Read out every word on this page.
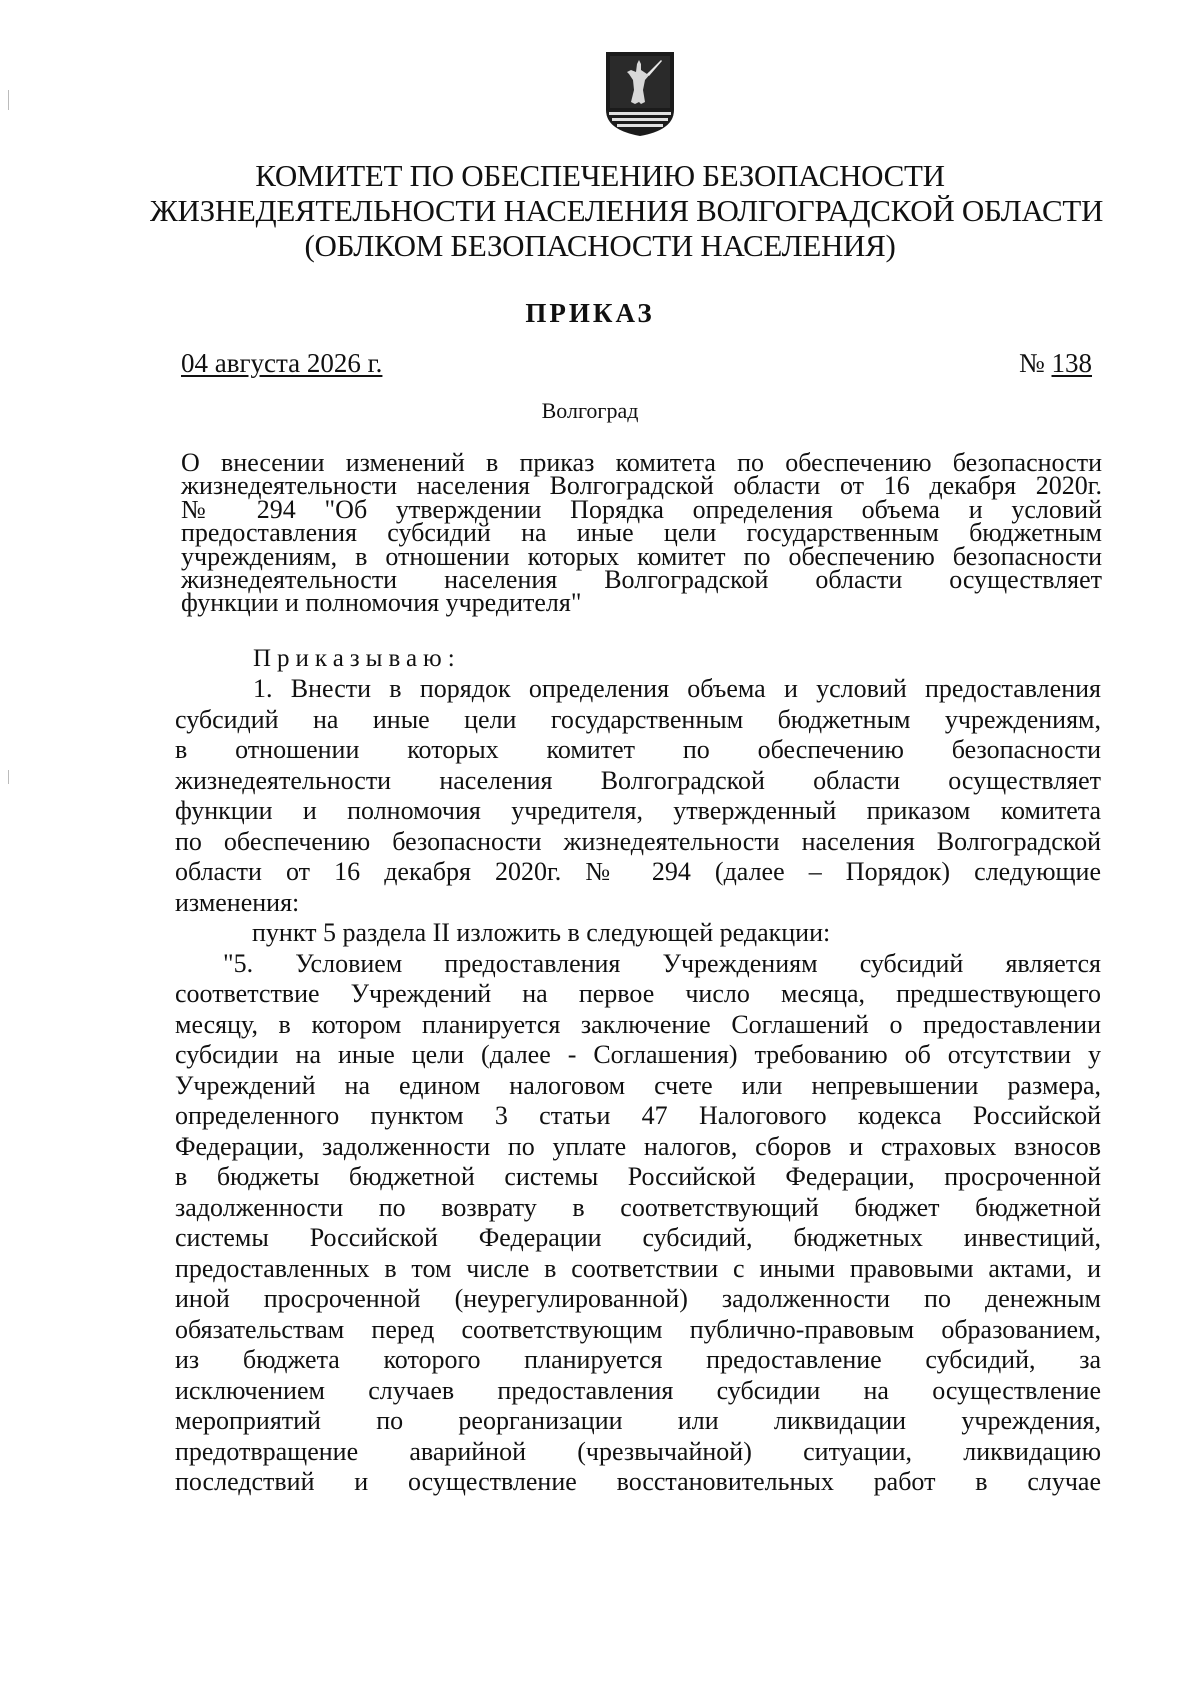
КОМИТЕТ ПО ОБЕСПЕЧЕНИЮ БЕЗОПАСНОСТИ
ЖИЗНЕДЕЯТЕЛЬНОСТИ НАСЕЛЕНИЯ ВОЛГОГРАДСКОЙ ОБЛАСТИ
(ОБЛКОМ БЕЗОПАСНОСТИ НАСЕЛЕНИЯ)
ПРИКАЗ
04 августа 2026 г.	№ 138
Волгоград
О внесении изменений в приказ комитета по обеспечению безопасности
жизнедеятельности населения Волгоградской области от 16 декабря 2020г.
№ 294 "Об утверждении Порядка определения объема и условий
предоставления субсидий на иные цели государственным бюджетным
учреждениям, в отношении которых комитет по обеспечению безопасности
жизнедеятельности населения Волгоградской области осуществляет
функции и полномочия учредителя"
Приказываю:
1. Внести в порядок определения объема и условий предоставления
субсидий на иные цели государственным бюджетным учреждениям,
в отношении которых комитет по обеспечению безопасности
жизнедеятельности населения Волгоградской области осуществляет
функции и полномочия учредителя, утвержденный приказом комитета
по обеспечению безопасности жизнедеятельности населения Волгоградской
области от 16 декабря 2020г. № 294 (далее – Порядок) следующие
изменения:
пункт 5 раздела II изложить в следующей редакции:
"5. Условием предоставления Учреждениям субсидий является
соответствие Учреждений на первое число месяца, предшествующего
месяцу, в котором планируется заключение Соглашений о предоставлении
субсидии на иные цели (далее - Соглашения) требованию об отсутствии у
Учреждений на едином налоговом счете или непревышении размера,
определенного пунктом 3 статьи 47 Налогового кодекса Российской
Федерации, задолженности по уплате налогов, сборов и страховых взносов
в бюджеты бюджетной системы Российской Федерации, просроченной
задолженности по возврату в соответствующий бюджет бюджетной
системы Российской Федерации субсидий, бюджетных инвестиций,
предоставленных в том числе в соответствии с иными правовыми актами, и
иной просроченной (неурегулированной) задолженности по денежным
обязательствам перед соответствующим публично-правовым образованием,
из бюджета которого планируется предоставление субсидий, за
исключением случаев предоставления субсидии на осуществление
мероприятий по реорганизации или ликвидации учреждения,
предотвращение аварийной (чрезвычайной) ситуации, ликвидацию
последствий и осуществление восстановительных работ в случае
